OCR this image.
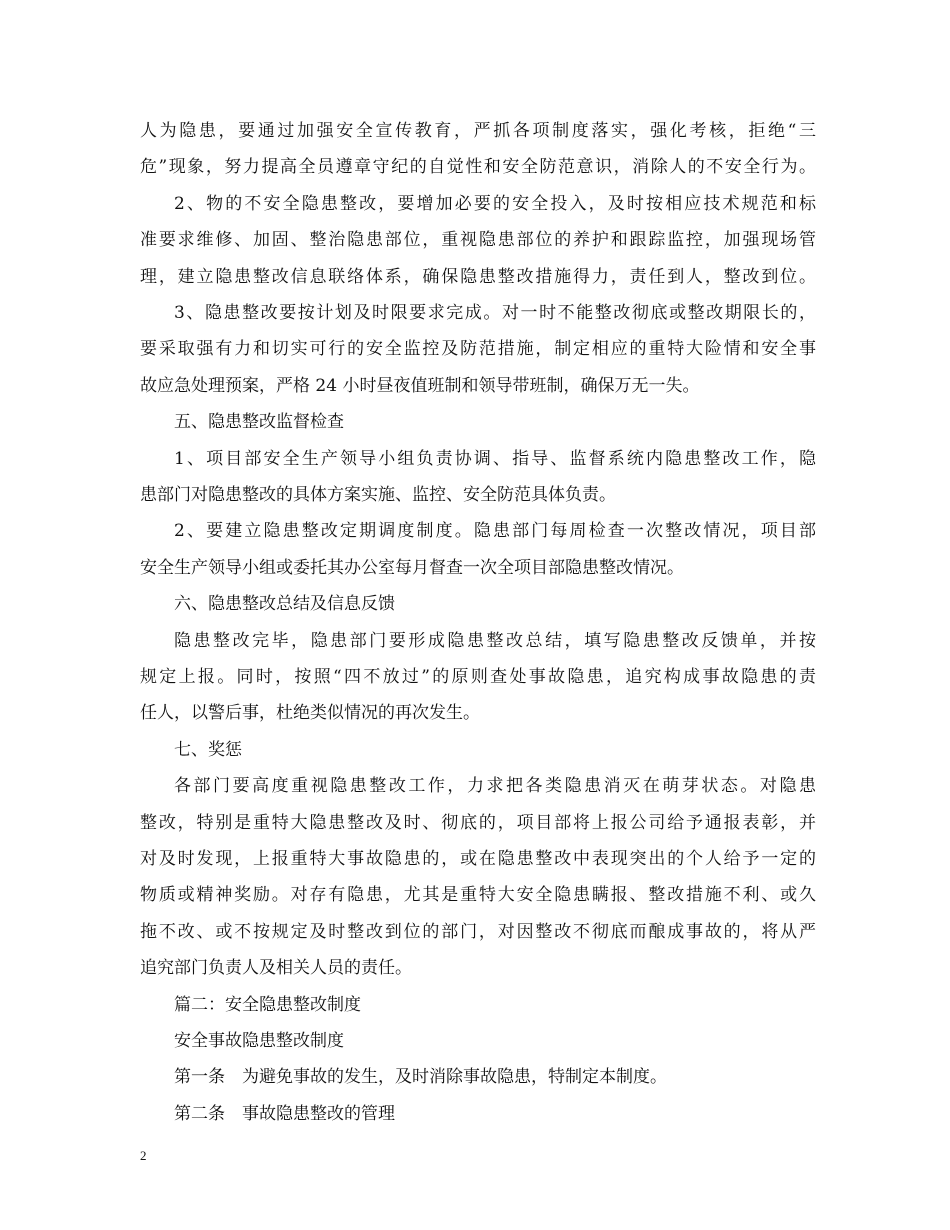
人为隐患，要通过加强安全宣传教育，严抓各项制度落实，强化考核，拒绝“三
危”现象，努力提高全员遵章守纪的自觉性和安全防范意识，消除人的不安全行为。
2、物的不安全隐患整改，要增加必要的安全投入，及时按相应技术规范和标
准要求维修、加固、整治隐患部位，重视隐患部位的养护和跟踪监控，加强现场管
理，建立隐患整改信息联络体系，确保隐患整改措施得力，责任到人，整改到位。
3、隐患整改要按计划及时限要求完成。对一时不能整改彻底或整改期限长的，
要采取强有力和切实可行的安全监控及防范措施，制定相应的重特大险情和安全事
故应急处理预案，严格 24 小时昼夜值班制和领导带班制，确保万无一失。
五、隐患整改监督检查
1、项目部安全生产领导小组负责协调、指导、监督系统内隐患整改工作，隐
患部门对隐患整改的具体方案实施、监控、安全防范具体负责。
2、要建立隐患整改定期调度制度。隐患部门每周检查一次整改情况，项目部
安全生产领导小组或委托其办公室每月督查一次全项目部隐患整改情况。
六、隐患整改总结及信息反馈
隐患整改完毕，隐患部门要形成隐患整改总结，填写隐患整改反馈单，并按
规定上报。同时，按照“四不放过”的原则查处事故隐患，追究构成事故隐患的责
任人，以警后事，杜绝类似情况的再次发生。
七、奖惩
各部门要高度重视隐患整改工作，力求把各类隐患消灭在萌芽状态。对隐患
整改，特别是重特大隐患整改及时、彻底的，项目部将上报公司给予通报表彰，并
对及时发现，上报重特大事故隐患的，或在隐患整改中表现突出的个人给予一定的
物质或精神奖励。对存有隐患，尤其是重特大安全隐患瞒报、整改措施不利、或久
拖不改、或不按规定及时整改到位的部门，对因整改不彻底而酿成事故的，将从严
追究部门负责人及相关人员的责任。
篇二：安全隐患整改制度
安全事故隐患整改制度
第一条　为避免事故的发生，及时消除事故隐患，特制定本制度。
第二条　事故隐患整改的管理
2
